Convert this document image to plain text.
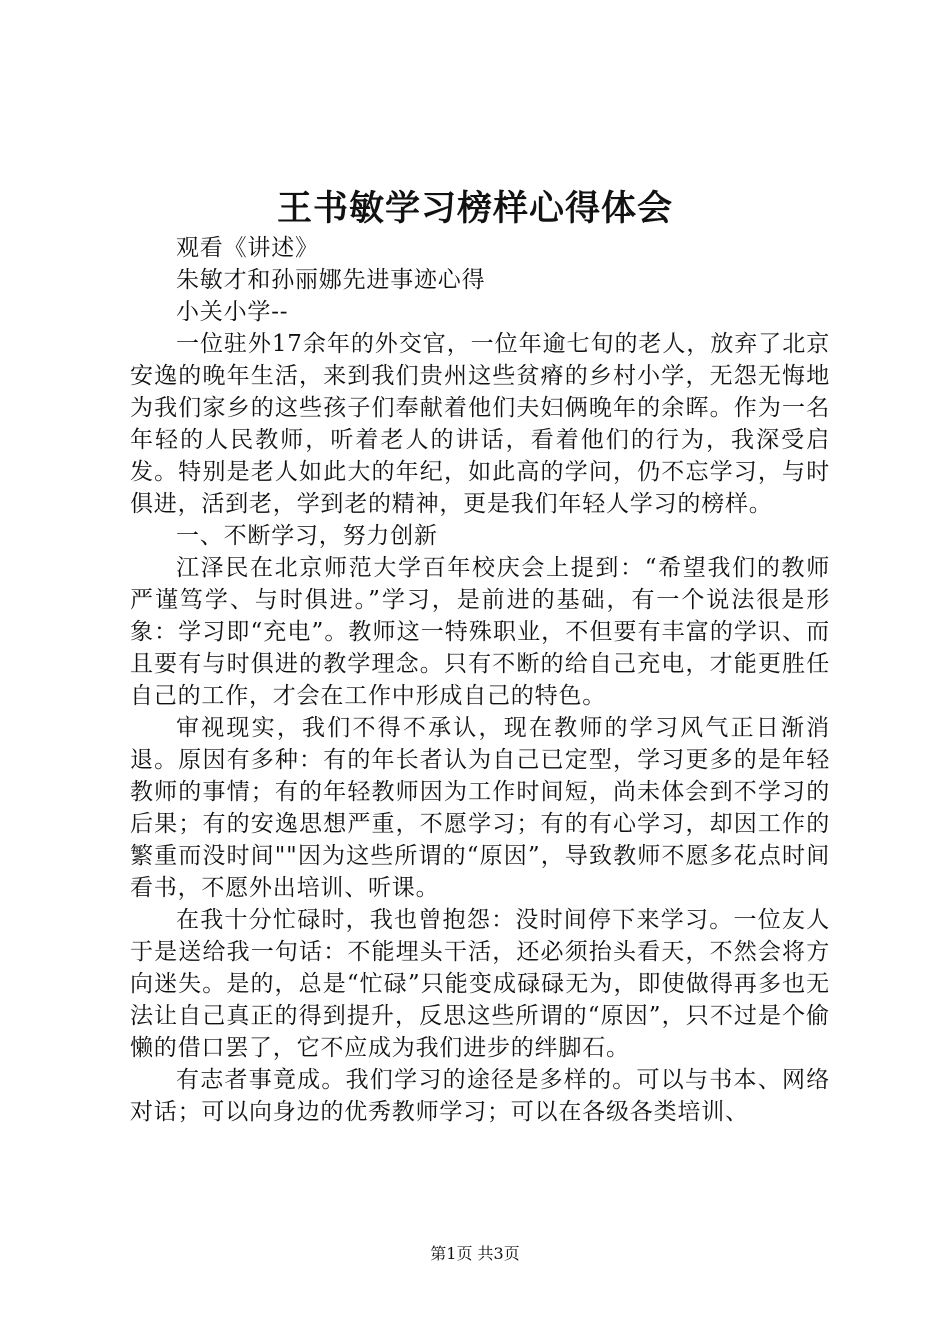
王书敏学习榜样心得体会

观看《讲述》

朱敏才和孙丽娜先进事迹心得

小关小学--

一位驻外17余年的外交官，一位年逾七旬的老人，放弃了北京安逸的晚年生活，来到我们贵州这些贫瘠的乡村小学，无怨无悔地为我们家乡的这些孩子们奉献着他们夫妇俩晚年的余晖。作为一名年轻的人民教师，听着老人的讲话，看着他们的行为，我深受启发。特别是老人如此大的年纪，如此高的学问，仍不忘学习，与时俱进，活到老，学到老的精神，更是我们年轻人学习的榜样。

一、不断学习，努力创新

江泽民在北京师范大学百年校庆会上提到：“希望我们的教师严谨笃学、与时俱进。”学习，是前进的基础，有一个说法很是形象：学习即“充电”。教师这一特殊职业，不但要有丰富的学识、而且要有与时俱进的教学理念。只有不断的给自己充电，才能更胜任自己的工作，才会在工作中形成自己的特色。

审视现实，我们不得不承认，现在教师的学习风气正日渐消退。原因有多种：有的年长者认为自己已定型，学习更多的是年轻教师的事情；有的年轻教师因为工作时间短，尚未体会到不学习的后果；有的安逸思想严重，不愿学习；有的有心学习，却因工作的繁重而没时间""因为这些所谓的“原因”，导致教师不愿多花点时间看书，不愿外出培训、听课。

在我十分忙碌时，我也曾抱怨：没时间停下来学习。一位友人于是送给我一句话：不能埋头干活，还必须抬头看天，不然会将方向迷失。是的，总是“忙碌”只能变成碌碌无为，即使做得再多也无法让自己真正的得到提升，反思这些所谓的“原因”，只不过是个偷懒的借口罢了，它不应成为我们进步的绊脚石。

有志者事竟成。我们学习的途径是多样的。可以与书本、网络对话；可以向身边的优秀教师学习；可以在各级各类培训、

第1页 共3页
